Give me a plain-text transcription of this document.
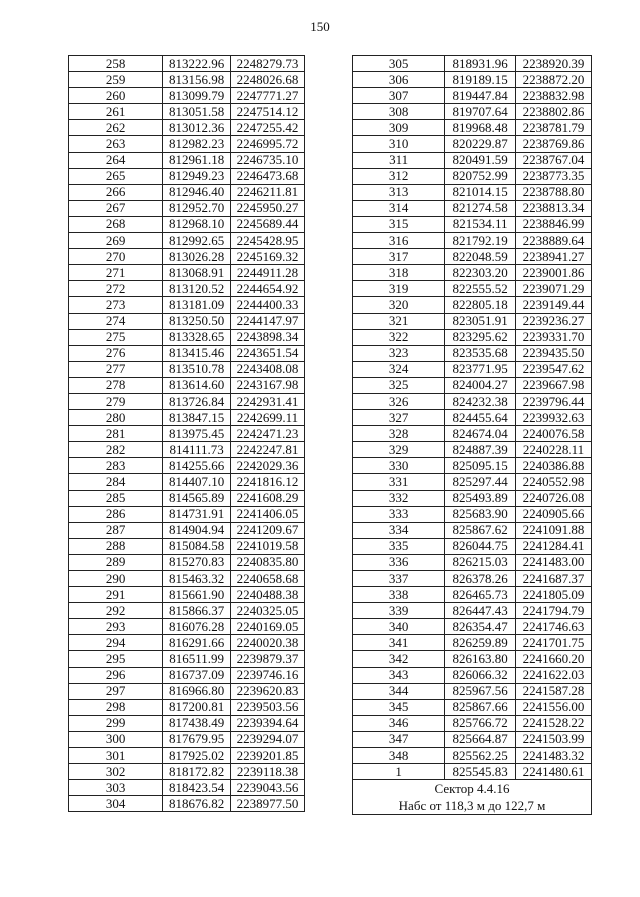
150
258	813222.96	2248279.73
259	813156.98	2248026.68
260	813099.79	2247771.27
261	813051.58	2247514.12
262	813012.36	2247255.42
263	812982.23	2246995.72
264	812961.18	2246735.10
265	812949.23	2246473.68
266	812946.40	2246211.81
267	812952.70	2245950.27
268	812968.10	2245689.44
269	812992.65	2245428.95
270	813026.28	2245169.32
271	813068.91	2244911.28
272	813120.52	2244654.92
273	813181.09	2244400.33
274	813250.50	2244147.97
275	813328.65	2243898.34
276	813415.46	2243651.54
277	813510.78	2243408.08
278	813614.60	2243167.98
279	813726.84	2242931.41
280	813847.15	2242699.11
281	813975.45	2242471.23
282	814111.73	2242247.81
283	814255.66	2242029.36
284	814407.10	2241816.12
285	814565.89	2241608.29
286	814731.91	2241406.05
287	814904.94	2241209.67
288	815084.58	2241019.58
289	815270.83	2240835.80
290	815463.32	2240658.68
291	815661.90	2240488.38
292	815866.37	2240325.05
293	816076.28	2240169.05
294	816291.66	2240020.38
295	816511.99	2239879.37
296	816737.09	2239746.16
297	816966.80	2239620.83
298	817200.81	2239503.56
299	817438.49	2239394.64
300	817679.95	2239294.07
301	817925.02	2239201.85
302	818172.82	2239118.38
303	818423.54	2239043.56
304	818676.82	2238977.50
305	818931.96	2238920.39
306	819189.15	2238872.20
307	819447.84	2238832.98
308	819707.64	2238802.86
309	819968.48	2238781.79
310	820229.87	2238769.86
311	820491.59	2238767.04
312	820752.99	2238773.35
313	821014.15	2238788.80
314	821274.58	2238813.34
315	821534.11	2238846.99
316	821792.19	2238889.64
317	822048.59	2238941.27
318	822303.20	2239001.86
319	822555.52	2239071.29
320	822805.18	2239149.44
321	823051.91	2239236.27
322	823295.62	2239331.70
323	823535.68	2239435.50
324	823771.95	2239547.62
325	824004.27	2239667.98
326	824232.38	2239796.44
327	824455.64	2239932.63
328	824674.04	2240076.58
329	824887.39	2240228.11
330	825095.15	2240386.88
331	825297.44	2240552.98
332	825493.89	2240726.08
333	825683.90	2240905.66
334	825867.62	2241091.88
335	826044.75	2241284.41
336	826215.03	2241483.00
337	826378.26	2241687.37
338	826465.73	2241805.09
339	826447.43	2241794.79
340	826354.47	2241746.63
341	826259.89	2241701.75
342	826163.80	2241660.20
343	826066.32	2241622.03
344	825967.56	2241587.28
345	825867.66	2241556.00
346	825766.72	2241528.22
347	825664.87	2241503.99
348	825562.25	2241483.32
1	825545.83	2241480.61
Сектор 4.4.16		
Набс от 118,3 м до 122,7 м		
